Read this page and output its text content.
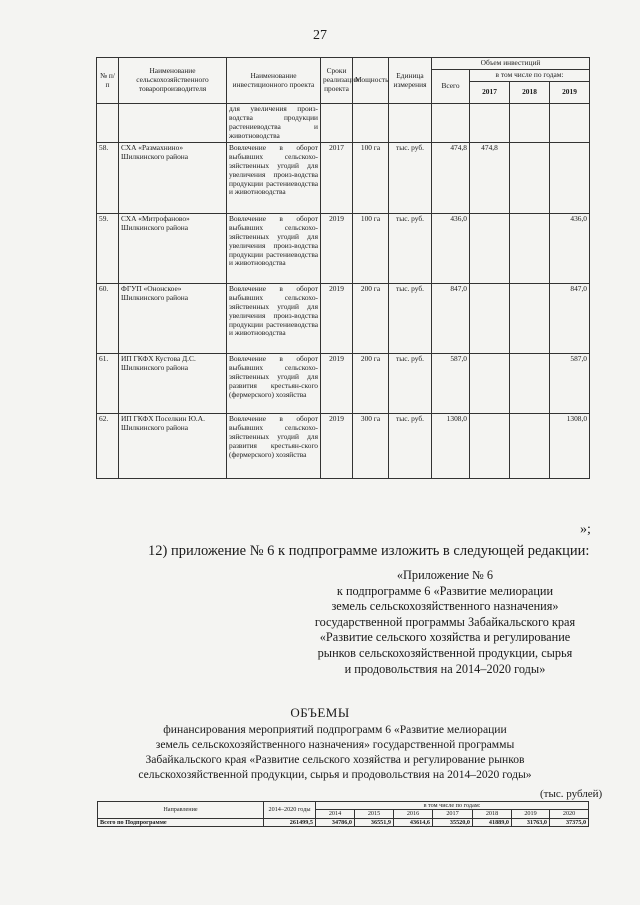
27
№ п/п	Наименование сельскохозяйственного товаропроизводителя	Наименование инвестиционного проекта	Сроки реализации проекта	Мощность	Единица измерения	Объем инвестиций			
						Всего	в том числе по годам:		
							2017	2018	2019
		для увеличения произ-водства продукции растениеводства и животноводства							
58.	СХА «Размахнино» Шилкинского района	Вовлечение в оборот выбывших сельскохо-зяйственных угодий для увеличения произ-водства продукции растениеводства и животноводства	2017	100 га	тыс. руб.	474,8	474,8		
59.	СХА «Митрофаново» Шилкинского района	Вовлечение в оборот выбывших сельскохо-зяйственных угодий для увеличения произ-водства продукции растениеводства и животноводства	2019	100 га	тыс. руб.	436,0			436,0
60.	ФГУП «Ононское» Шилкинского района	Вовлечение в оборот выбывших сельскохо-зяйственных угодий для увеличения произ-водства продукции растениеводства и животноводства	2019	200 га	тыс. руб.	847,0			847,0
61.	ИП ГКФХ Кустова Д.С. Шилкинского района	Вовлечение в оборот выбывших сельскохо-зяйственных угодий для развития крестьян-ского (фермерского) хозяйства	2019	200 га	тыс. руб.	587,0			587,0
62.	ИП ГКФХ Поселкин Ю.А. Шилкинского района	Вовлечение в оборот выбывших сельскохо-зяйственных угодий для развития крестьян-ского (фермерского) хозяйства	2019	300 га	тыс. руб.	1308,0			1308,0
»;
12) приложение № 6 к подпрограмме изложить в следующей редакции:
«Приложение № 6
к подпрограмме 6 «Развитие мелиорации
земель сельскохозяйственного назначения»
государственной программы Забайкальского края
«Развитие сельского хозяйства и регулирование
рынков сельскохозяйственной продукции, сырья
и продовольствия на 2014–2020 годы»
ОБЪЕМЫ
финансирования мероприятий подпрограмм 6 «Развитие мелиорации
земель сельскохозяйственного назначения» государственной программы
Забайкальского края «Развитие сельского хозяйства и регулирование рынков
сельскохозяйственной продукции, сырья и продовольствия на 2014–2020 годы»
(тыс. рублей)
Направление	2014–2020 годы	в том числе по годам:						
		2014	2015	2016	2017	2018	2019	2020
Всего по Подпрограмме	261499,5	34786,0	36551,9	43614,6	35520,0	41889,0	31763,0	37375,0
